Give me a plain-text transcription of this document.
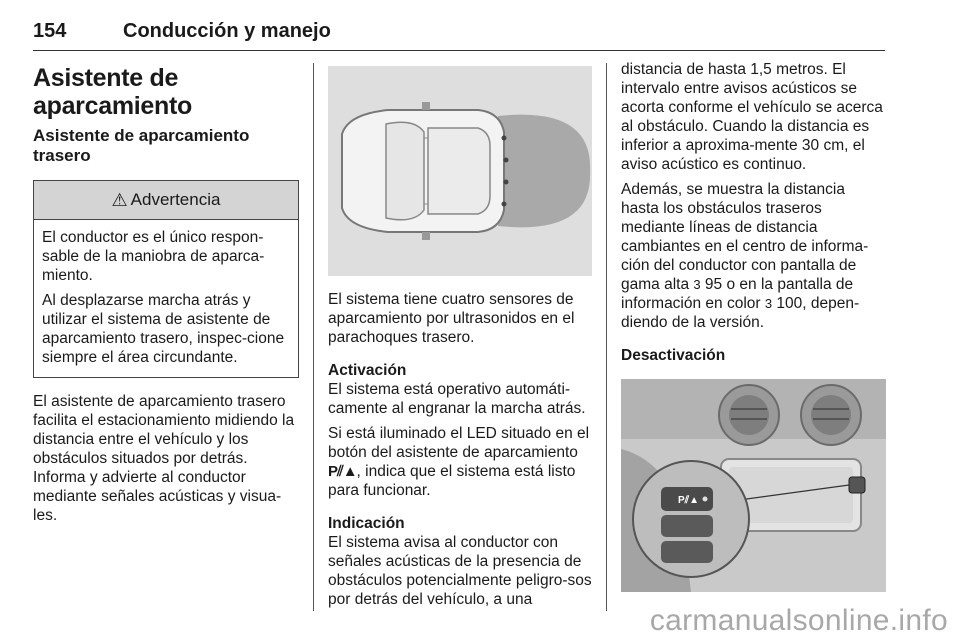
154	Conducción y manejo
Asistente de aparcamiento
Asistente de aparcamiento
trasero
⚠ Advertencia

El conductor es el único respon-sable de la maniobra de aparca-miento.

Al desplazarse marcha atrás y utilizar el sistema de asistente de aparcamiento trasero, inspec-cione siempre el área circundante.

El asistente de aparcamiento trasero facilita el estacionamiento midiendo la distancia entre el vehículo y los obstáculos situados por detrás. Informa y advierte al conductor mediante señales acústicas y visua-les.

El sistema tiene cuatro sensores de aparcamiento por ultrasonidos en el parachoques trasero.

Activación

El sistema está operativo automáti-camente al engranar la marcha atrás.

Si está iluminado el LED situado en el botón del asistente de aparcamiento P⫽▲, indica que el sistema está listo para funcionar.

Indicación

El sistema avisa al conductor con señales acústicas de la presencia de obstáculos potencialmente peligro-sos por detrás del vehículo, a una

distancia de hasta 1,5 metros. El intervalo entre avisos acústicos se acorta conforme el vehículo se acerca al obstáculo. Cuando la distancia es inferior a aproxima-mente 30 cm, el aviso acústico es continuo.

Además, se muestra la distancia hasta los obstáculos traseros mediante líneas de distancia cambiantes en el centro de informa-ción del conductor con pantalla de gama alta 3 95 o en la pantalla de información en color 3 100, depen-diendo de la versión.

Desactivación

P⫽▲
carmanualsonline.info
